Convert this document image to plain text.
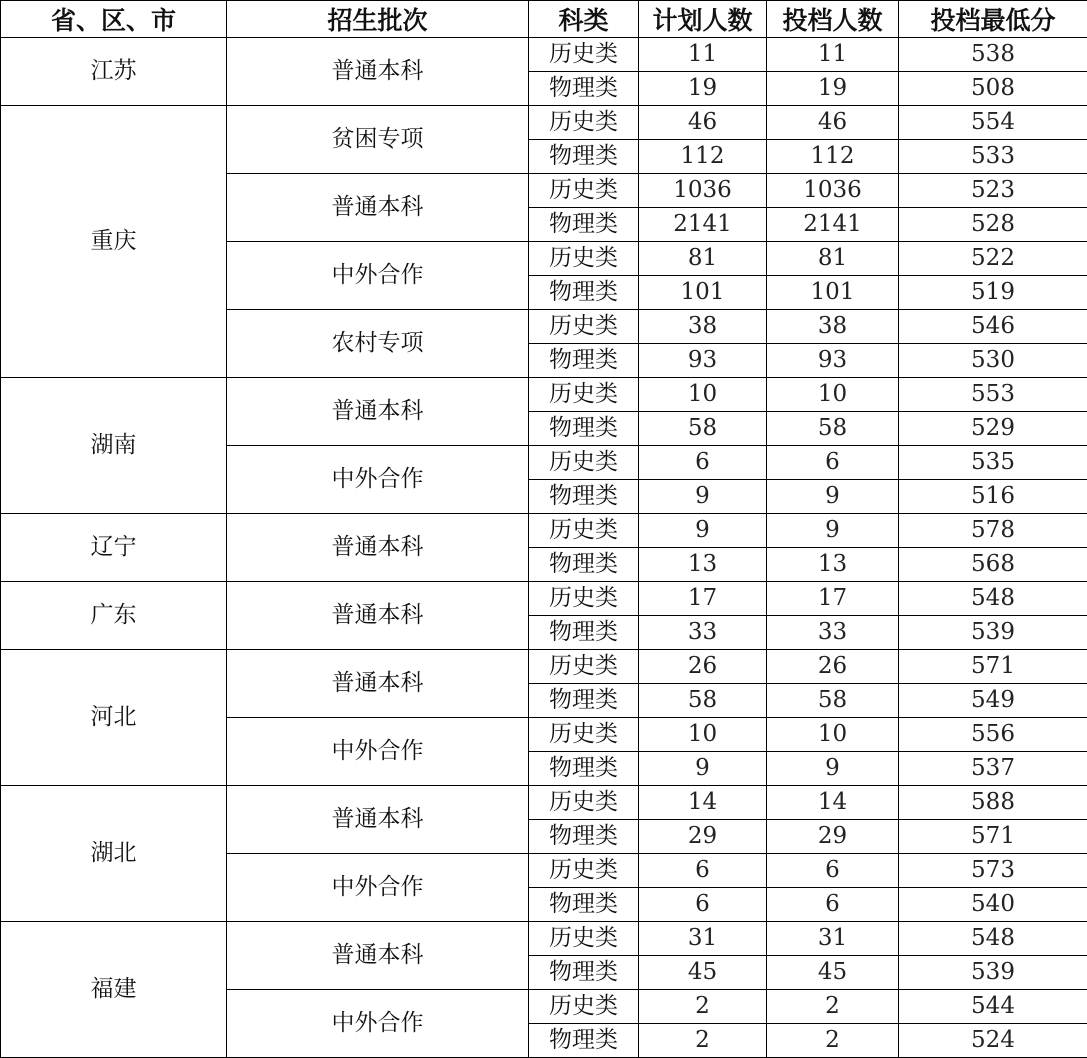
省、区、市	招生批次	科类	计划人数	投档人数	投档最低分
江苏	普通本科	历史类	11	11	538
		物理类	19	19	508
重庆	贫困专项	历史类	46	46	554
		物理类	112	112	533
	普通本科	历史类	1036	1036	523
		物理类	2141	2141	528
	中外合作	历史类	81	81	522
		物理类	101	101	519
	农村专项	历史类	38	38	546
		物理类	93	93	530
湖南	普通本科	历史类	10	10	553
		物理类	58	58	529
	中外合作	历史类	6	6	535
		物理类	9	9	516
辽宁	普通本科	历史类	9	9	578
		物理类	13	13	568
广东	普通本科	历史类	17	17	548
		物理类	33	33	539
河北	普通本科	历史类	26	26	571
		物理类	58	58	549
	中外合作	历史类	10	10	556
		物理类	9	9	537
湖北	普通本科	历史类	14	14	588
		物理类	29	29	571
	中外合作	历史类	6	6	573
		物理类	6	6	540
福建	普通本科	历史类	31	31	548
		物理类	45	45	539
	中外合作	历史类	2	2	544
		物理类	2	2	524
